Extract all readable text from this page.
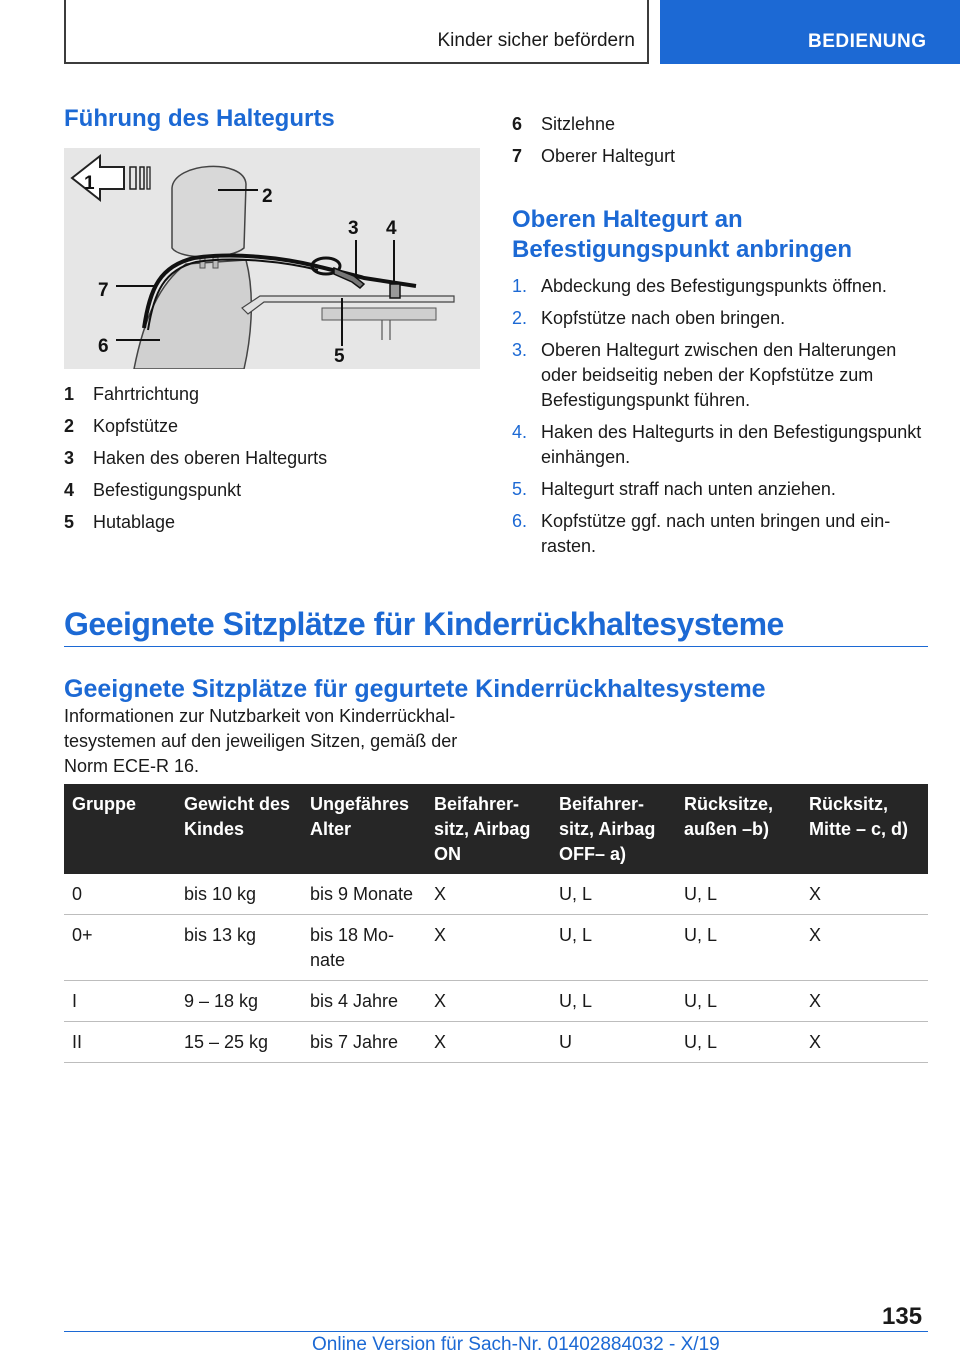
Kinder sicher befördern	BEDIENUNG
Führung des Haltegurts
1
2
3 4
5
6
7
1 Fahrtrichtung
2 Kopfstütze
3 Haken des oberen Haltegurts
4 Befestigungspunkt
5 Hutablage
6 Sitzlehne
7 Oberer Haltegurt
Oberen Haltegurt an Befestigungspunkt anbringen
1. Abdeckung des Befestigungspunkts öffnen.
2. Kopfstütze nach oben bringen.
3. Oberen Haltegurt zwischen den Halterungen oder beidseitig neben der Kopfstütze zum Befestigungspunkt führen.
4. Haken des Haltegurts in den Befestigungspunkt einhängen.
5. Haltegurt straff nach unten anziehen.
6. Kopfstütze ggf. nach unten bringen und einrasten.
Geeignete Sitzplätze für Kinderrückhaltesysteme
Geeignete Sitzplätze für gegurtete Kinderrückhaltesysteme

Informationen zur Nutzbarkeit von Kinderrückhaltesystemen auf den jeweiligen Sitzen, gemäß der Norm ECE-R 16.

Gruppe	Gewicht des Kindes	Ungefähres Alter	Beifahrersitz, Airbag ON	Beifahrersitz, Airbag OFF– a)	Rücksitze, außen –b)	Rücksitz, Mitte – c, d)
0	bis 10 kg	bis 9 Monate	X	U, L	U, L	X
0+	bis 13 kg	bis 18 Monate	X	U, L	U, L	X
I	9 – 18 kg	bis 4 Jahre	X	U, L	U, L	X
II	15 – 25 kg	bis 7 Jahre	X	U	U, L	X
135
Online Version für Sach-Nr. 01402884032 - X/19
